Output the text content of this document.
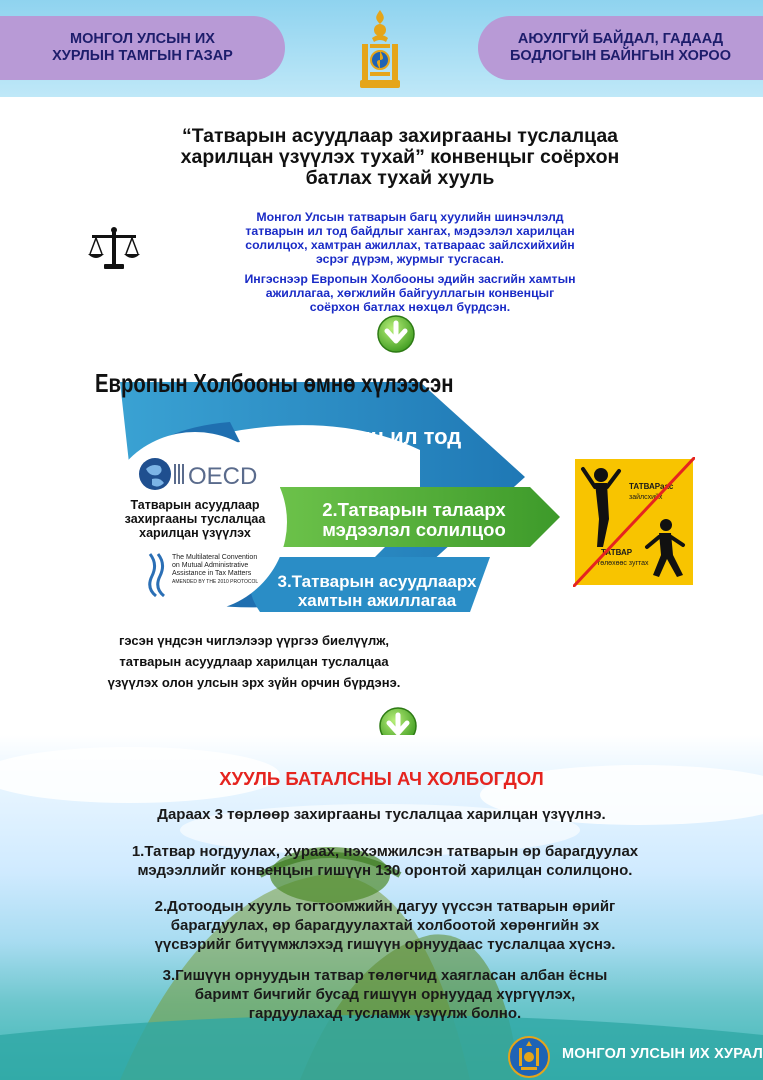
МОНГОЛ УЛСЫН ИХ
ХУРЛЫН ТАМГЫН ГАЗАР
АЮУЛГҮЙ БАЙДАЛ, ГАДААД
БОДЛОГЫН БАЙНГЫН ХОРОО
“Татварын асуудлаар захиргааны туслалцаа
харилцан үзүүлэх тухай” конвенцыг соёрхон
батлах тухай хууль

Монгол Улсын татварын багц хуулийн шинэчлэлд
татварын ил тод байдлыг хангах, мэдээлэл харилцан
солилцох, хамтран ажиллах, татвараас зайлсхийхийн
эсрэг дүрэм, журмыг тусгасан.

Ингэснээр Европын Холбооны эдийн засгийн хамтын
ажиллагаа, хөгжлийн байгууллагын конвенцыг
соёрхон батлах нөхцөл бүрдсэн.

Европын Холбооны өмнө хүлээсэн
1.Татварын ил тод
байдал
2.Татварын талаарх
мэдээлэл солилцоо
3.Татварын асуудлаарх
хамтын ажиллагаа
OECD
Татварын асуудлаар
захиргааны туслалцаа
харилцан үзүүлэх
The Multilateral Convention
on Mutual Administrative
Assistance in Tax Matters
AMENDED BY THE 2010 PROTOCOL
гэсэн үндсэн чиглэлээр үүргээ биелүүлж,
татварын асуудлаар харилцан туслалцаа
үзүүлэх олон улсын эрх зүйн орчин бүрдэнэ.
ТАТВАРаас
зайлсхийх
ТАТВАР
төлөхөөс зугтах
ХУУЛЬ БАТАЛСНЫ АЧ ХОЛБОГДОЛ
Дараах 3 төрлөөр захиргааны туслалцаа харилцан үзүүлнэ.
1.Татвар ногдуулах, хураах, нэхэмжилсэн татварын өр барагдуулах
мэдээллийг конвенцын гишүүн 130 оронтой харилцан солилцоно.
2.Дотоодын хууль тогтоомжийн дагуу үүссэн татварын өрийг
барагдуулах, өр барагдуулахтай холбоотой хөрөнгийн эх
үүсвэрийг битүүмжлэхэд гишүүн орнуудаас туслалцаа хүснэ.
3.Гишүүн орнуудын татвар төлөгчид хаягласан албан ёсны
баримт бичгийг бусад гишүүн орнуудад хүргүүлэх,
гардуулахад тусламж үзүүлж болно.
МОНГОЛ УЛСЫН ИХ ХУРАЛ
